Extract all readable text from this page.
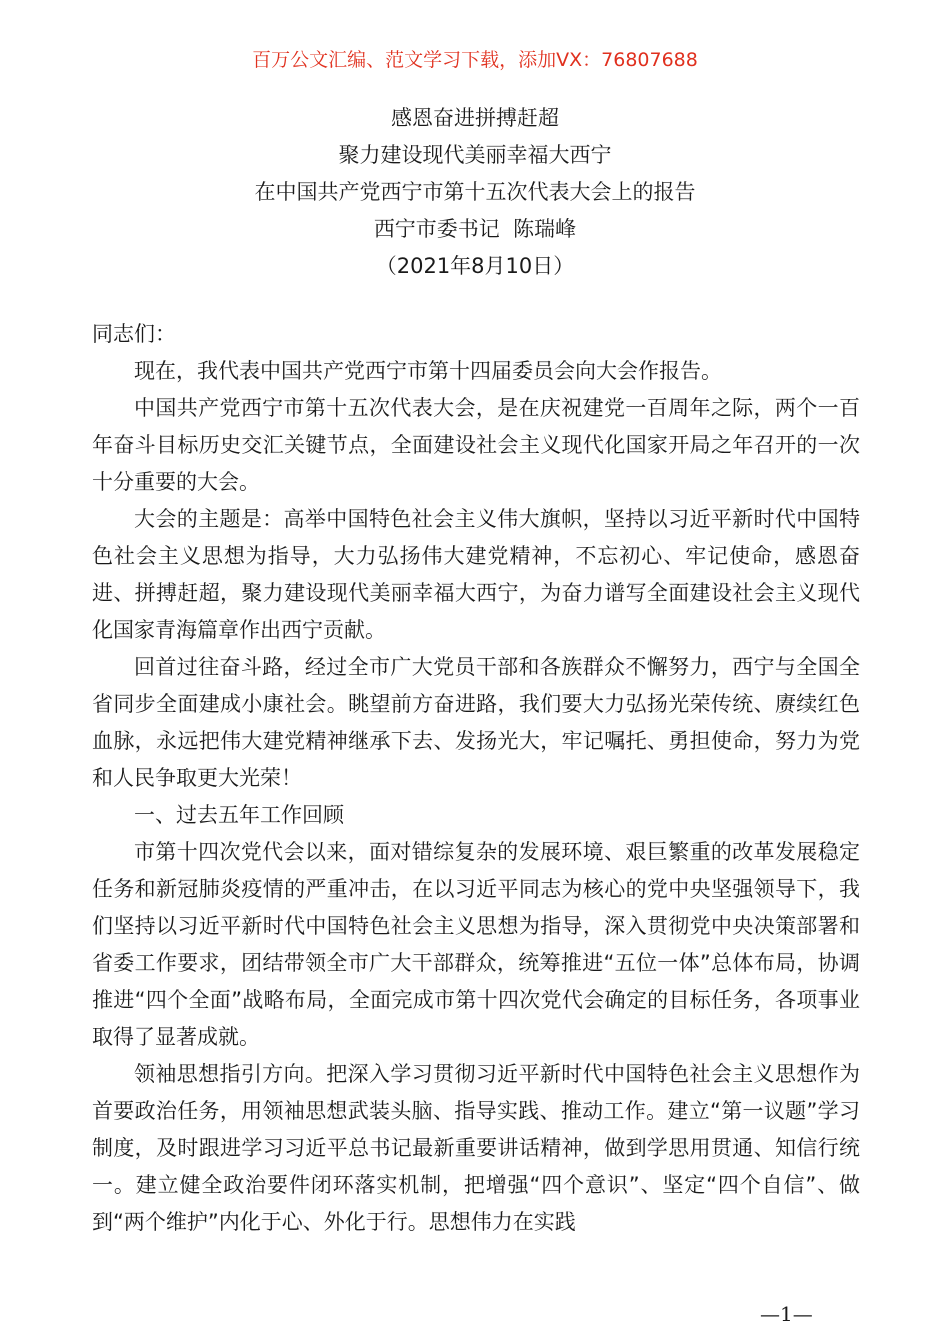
百万公文汇编、范文学习下载，添加VX：76807688
感恩奋进拼搏赶超
聚力建设现代美丽幸福大西宁
在中国共产党西宁市第十五次代表大会上的报告
西宁市委书记  陈瑞峰
（2021年8月10日）

同志们：

现在，我代表中国共产党西宁市第十四届委员会向大会作报告。

中国共产党西宁市第十五次代表大会，是在庆祝建党一百周年之际，两个一百年奋斗目标历史交汇关键节点，全面建设社会主义现代化国家开局之年召开的一次十分重要的大会。

大会的主题是：高举中国特色社会主义伟大旗帜，坚持以习近平新时代中国特色社会主义思想为指导，大力弘扬伟大建党精神，不忘初心、牢记使命，感恩奋进、拼搏赶超，聚力建设现代美丽幸福大西宁，为奋力谱写全面建设社会主义现代化国家青海篇章作出西宁贡献。

回首过往奋斗路，经过全市广大党员干部和各族群众不懈努力，西宁与全国全省同步全面建成小康社会。眺望前方奋进路，我们要大力弘扬光荣传统、赓续红色血脉，永远把伟大建党精神继承下去、发扬光大，牢记嘱托、勇担使命，努力为党和人民争取更大光荣！

一、过去五年工作回顾

市第十四次党代会以来，面对错综复杂的发展环境、艰巨繁重的改革发展稳定任务和新冠肺炎疫情的严重冲击，在以习近平同志为核心的党中央坚强领导下，我们坚持以习近平新时代中国特色社会主义思想为指导，深入贯彻党中央决策部署和省委工作要求，团结带领全市广大干部群众，统筹推进“五位一体”总体布局，协调推进“四个全面”战略布局，全面完成市第十四次党代会确定的目标任务，各项事业取得了显著成就。

领袖思想指引方向。把深入学习贯彻习近平新时代中国特色社会主义思想作为首要政治任务，用领袖思想武装头脑、指导实践、推动工作。建立“第一议题”学习制度，及时跟进学习习近平总书记最新重要讲话精神，做到学思用贯通、知信行统一。建立健全政治要件闭环落实机制，把增强“四个意识”、坚定“四个自信”、做到“两个维护”内化于心、外化于行。思想伟力在实践

—1—
